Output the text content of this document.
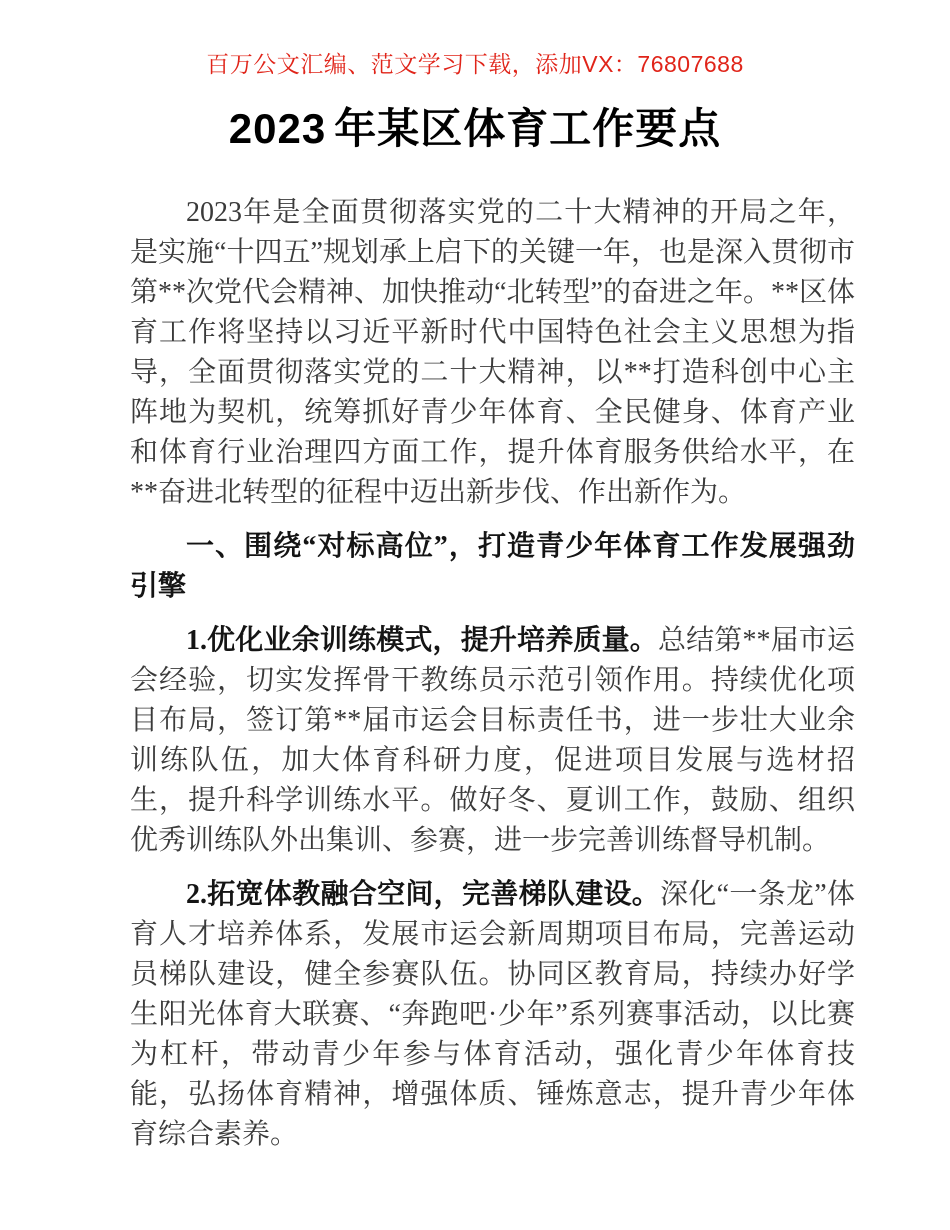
百万公文汇编、范文学习下载，添加VX：76807688
2023 年某区体育工作要点

2023年是全面贯彻落实党的二十大精神的开局之年，是实施“十四五”规划承上启下的关键一年，也是深入贯彻市第**次党代会精神、加快推动“北转型”的奋进之年。**区体育工作将坚持以习近平新时代中国特色社会主义思想为指导，全面贯彻落实党的二十大精神，以**打造科创中心主阵地为契机，统筹抓好青少年体育、全民健身、体育产业和体育行业治理四方面工作，提升体育服务供给水平，在**奋进北转型的征程中迈出新步伐、作出新作为。

一、围绕“对标高位”，打造青少年体育工作发展强劲引擎

1.优化业余训练模式，提升培养质量。总结第**届市运会经验，切实发挥骨干教练员示范引领作用。持续优化项目布局，签订第**届市运会目标责任书，进一步壮大业余训练队伍，加大体育科研力度，促进项目发展与选材招生，提升科学训练水平。做好冬、夏训工作，鼓励、组织优秀训练队外出集训、参赛，进一步完善训练督导机制。

2.拓宽体教融合空间，完善梯队建设。深化“一条龙”体育人才培养体系，发展市运会新周期项目布局，完善运动员梯队建设，健全参赛队伍。协同区教育局，持续办好学生阳光体育大联赛、“奔跑吧·少年”系列赛事活动，以比赛为杠杆，带动青少年参与体育活动，强化青少年体育技能，弘扬体育精神，增强体质、锤炼意志，提升青少年体育综合素养。
